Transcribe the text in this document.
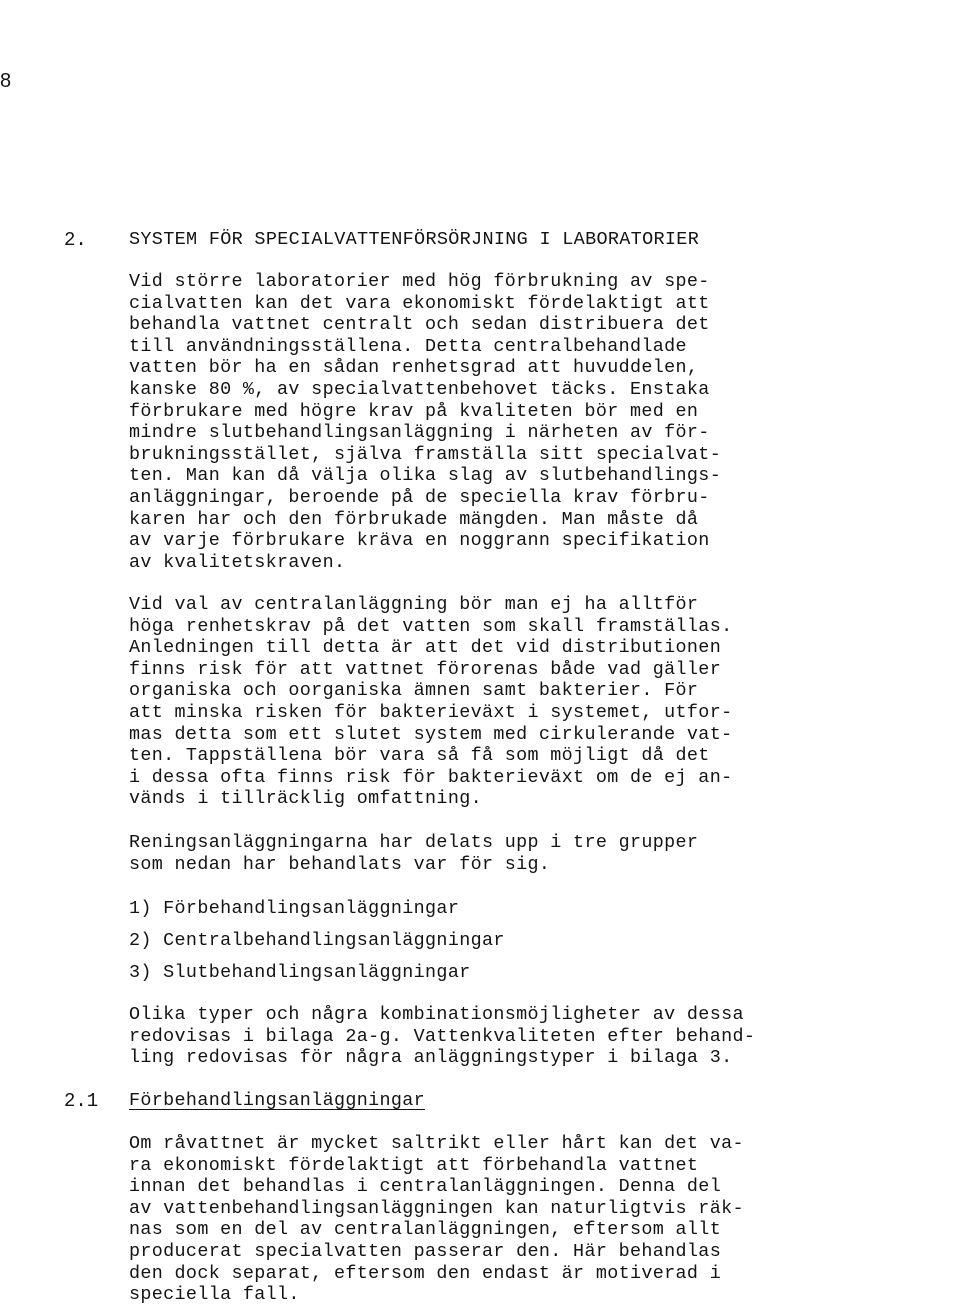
8
2. SYSTEM FÖR SPECIALVATTENFÖRSÖRJNING I LABORATORIER
Vid större laboratorier med hög förbrukning av spe-
cialvatten kan det vara ekonomiskt fördelaktigt att
behandla vattnet centralt och sedan distribuera det
till användningsställena. Detta centralbehandlade
vatten bör ha en sådan renhetsgrad att huvuddelen,
kanske 80 %, av specialvattenbehovet täcks. Enstaka
förbrukare med högre krav på kvaliteten bör med en
mindre slutbehandlingsanläggning i närheten av för-
brukningsstället, själva framställa sitt specialvat-
ten. Man kan då välja olika slag av slutbehandlings-
anläggningar, beroende på de speciella krav förbru-
karen har och den förbrukade mängden. Man måste då
av varje förbrukare kräva en noggrann specifikation
av kvalitetskraven.
Vid val av centralanläggning bör man ej ha alltför
höga renhetskrav på det vatten som skall framställas.
Anledningen till detta är att det vid distributionen
finns risk för att vattnet förorenas både vad gäller
organiska och oorganiska ämnen samt bakterier. För
att minska risken för bakterieväxt i systemet, utfor-
mas detta som ett slutet system med cirkulerande vat-
ten. Tappställena bör vara så få som möjligt då det
i dessa ofta finns risk för bakterieväxt om de ej an-
vänds i tillräcklig omfattning.
Reningsanläggningarna har delats upp i tre grupper
som nedan har behandlats var för sig.
1) Förbehandlingsanläggningar
2) Centralbehandlingsanläggningar
3) Slutbehandlingsanläggningar
Olika typer och några kombinationsmöjligheter av dessa
redovisas i bilaga 2a-g. Vattenkvaliteten efter behand-
ling redovisas för några anläggningstyper i bilaga 3.
2.1 Förbehandlingsanläggningar
Om råvattnet är mycket saltrikt eller hårt kan det va-
ra ekonomiskt fördelaktigt att förbehandla vattnet
innan det behandlas i centralanläggningen. Denna del
av vattenbehandlingsanläggningen kan naturligtvis räk-
nas som en del av centralanläggningen, eftersom allt
producerat specialvatten passerar den. Här behandlas
den dock separat, eftersom den endast är motiverad i
speciella fall.
